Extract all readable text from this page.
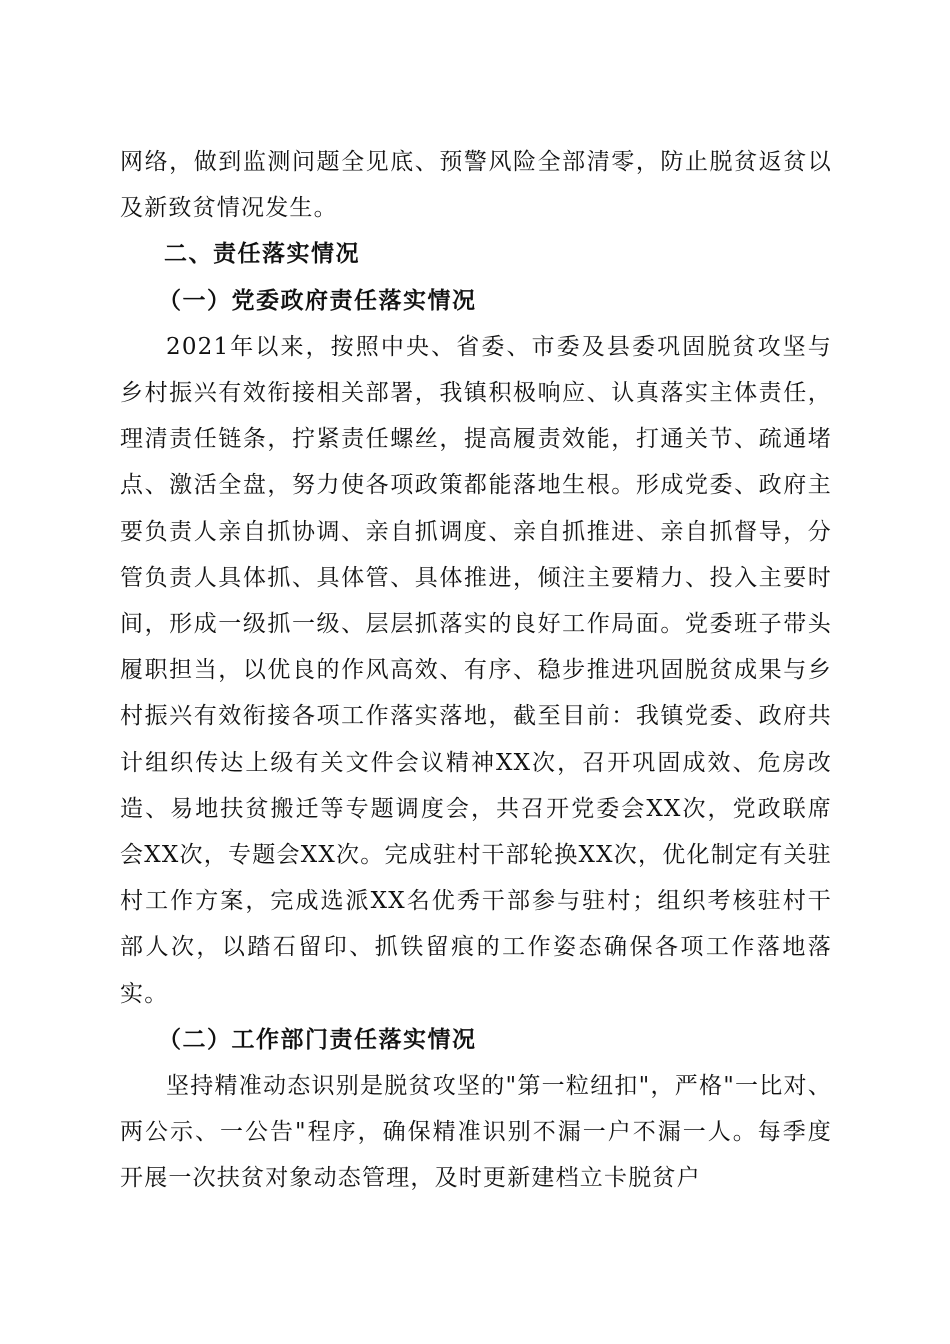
网络，做到监测问题全见底、预警风险全部清零，防止脱贫返贫以及新致贫情况发生。

二、责任落实情况

（一）党委政府责任落实情况

2021年以来，按照中央、省委、市委及县委巩固脱贫攻坚与乡村振兴有效衔接相关部署，我镇积极响应、认真落实主体责任，理清责任链条，拧紧责任螺丝，提高履责效能，打通关节、疏通堵点、激活全盘，努力使各项政策都能落地生根。形成党委、政府主要负责人亲自抓协调、亲自抓调度、亲自抓推进、亲自抓督导，分管负责人具体抓、具体管、具体推进，倾注主要精力、投入主要时间，形成一级抓一级、层层抓落实的良好工作局面。党委班子带头履职担当，以优良的作风高效、有序、稳步推进巩固脱贫成果与乡村振兴有效衔接各项工作落实落地，截至目前：我镇党委、政府共计组织传达上级有关文件会议精神XX次，召开巩固成效、危房改造、易地扶贫搬迁等专题调度会，共召开党委会XX次，党政联席会XX次，专题会XX次。完成驻村干部轮换XX次，优化制定有关驻村工作方案，完成选派XX名优秀干部参与驻村；组织考核驻村干部人次，以踏石留印、抓铁留痕的工作姿态确保各项工作落地落实。

（二）工作部门责任落实情况

坚持精准动态识别是脱贫攻坚的"第一粒纽扣"，严格"一比对、两公示、一公告"程序，确保精准识别不漏一户不漏一人。每季度开展一次扶贫对象动态管理，及时更新建档立卡脱贫户
